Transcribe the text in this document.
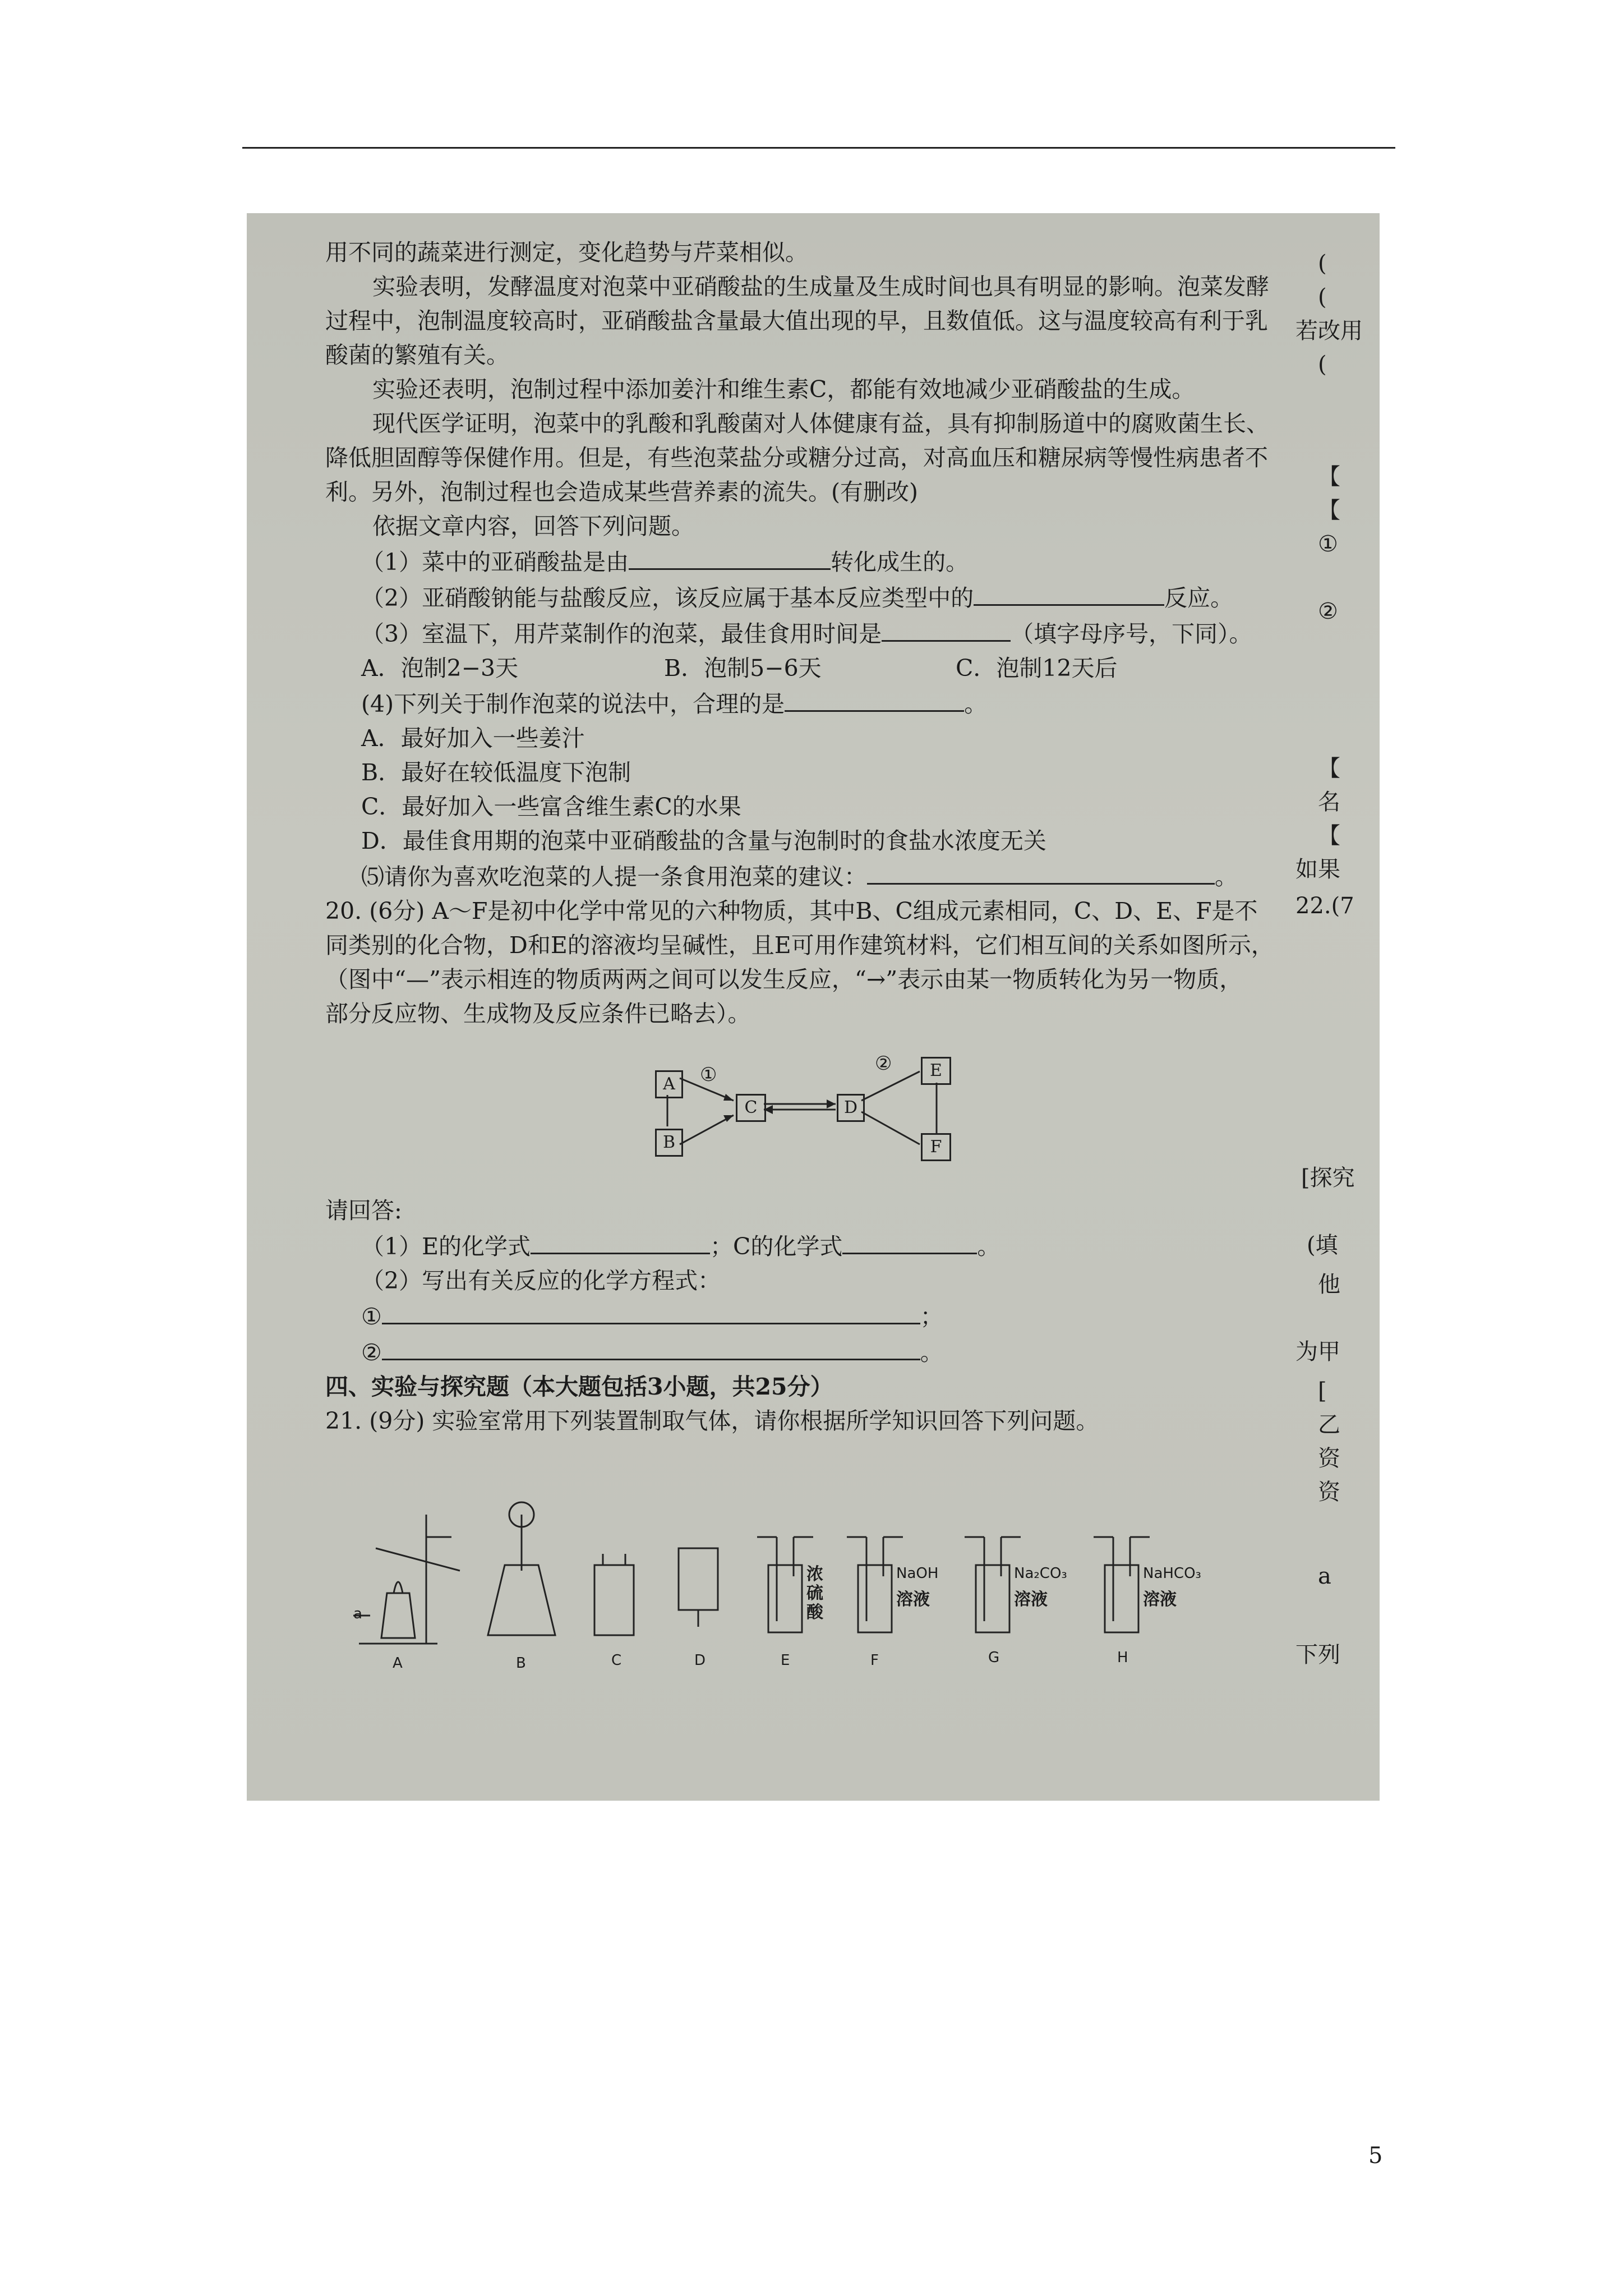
用不同的蔬菜进行测定，变化趋势与芹菜相似。

实验表明，发酵温度对泡菜中亚硝酸盐的生成量及生成时间也具有明显的影响。泡菜发酵

过程中，泡制温度较高时，亚硝酸盐含量最大值出现的早，且数值低。这与温度较高有利于乳

酸菌的繁殖有关。

实验还表明，泡制过程中添加姜汁和维生素C，都能有效地减少亚硝酸盐的生成。

现代医学证明，泡菜中的乳酸和乳酸菌对人体健康有益，具有抑制肠道中的腐败菌生长、

降低胆固醇等保健作用。但是，有些泡菜盐分或糖分过高，对高血压和糖尿病等慢性病患者不

利。另外，泡制过程也会造成某些营养素的流失。(有删改)

依据文章内容，回答下列问题。

（1）菜中的亚硝酸盐是由	转化成生的。

（2）亚硝酸钠能与盐酸反应，该反应属于基本反应类型中的	反应。

（3）室温下，用芹菜制作的泡菜，最佳食用时间是	（填字母序号，下同）。

A．泡制2−3天	B．泡制5−6天	C．泡制12天后

(4)下列关于制作泡菜的说法中，合理的是	。

A．最好加入一些姜汁

B．最好在较低温度下泡制

C．最好加入一些富含维生素C的水果

D．最佳食用期的泡菜中亚硝酸盐的含量与泡制时的食盐水浓度无关

⑸请你为喜欢吃泡菜的人提一条食用泡菜的建议：	。

20. (6分) A～F是初中化学中常见的六种物质，其中B、C组成元素相同，C、D、E、F是不

同类别的化合物，D和E的溶液均呈碱性，且E可用作建筑材料，它们相互间的关系如图所示，

（图中“—”表示相连的物质两两之间可以发生反应，“→”表示由某一物质转化为另一物质，

部分反应物、生成物及反应条件已略去）。

请回答:

（1）E的化学式	；C的化学式	。

（2）写出有关反应的化学方程式：

①	；

②	。

四、实验与探究题（本大题包括3小题，共25分）

21. (9分) 实验室常用下列装置制取气体，请你根据所学知识回答下列问题。

A
B
C	D
E
F
①	②
a
A	B	C	D	E	F	G	H
浓硫酸
NaOH
溶液
Na₂CO₃
溶液
NaHCO₃
溶液
(
(
若改用
(
【
【
①
②
【
名
【
如果
22.(7
[探究
(填
他
为甲
[
乙
资
资
a
下列
5
